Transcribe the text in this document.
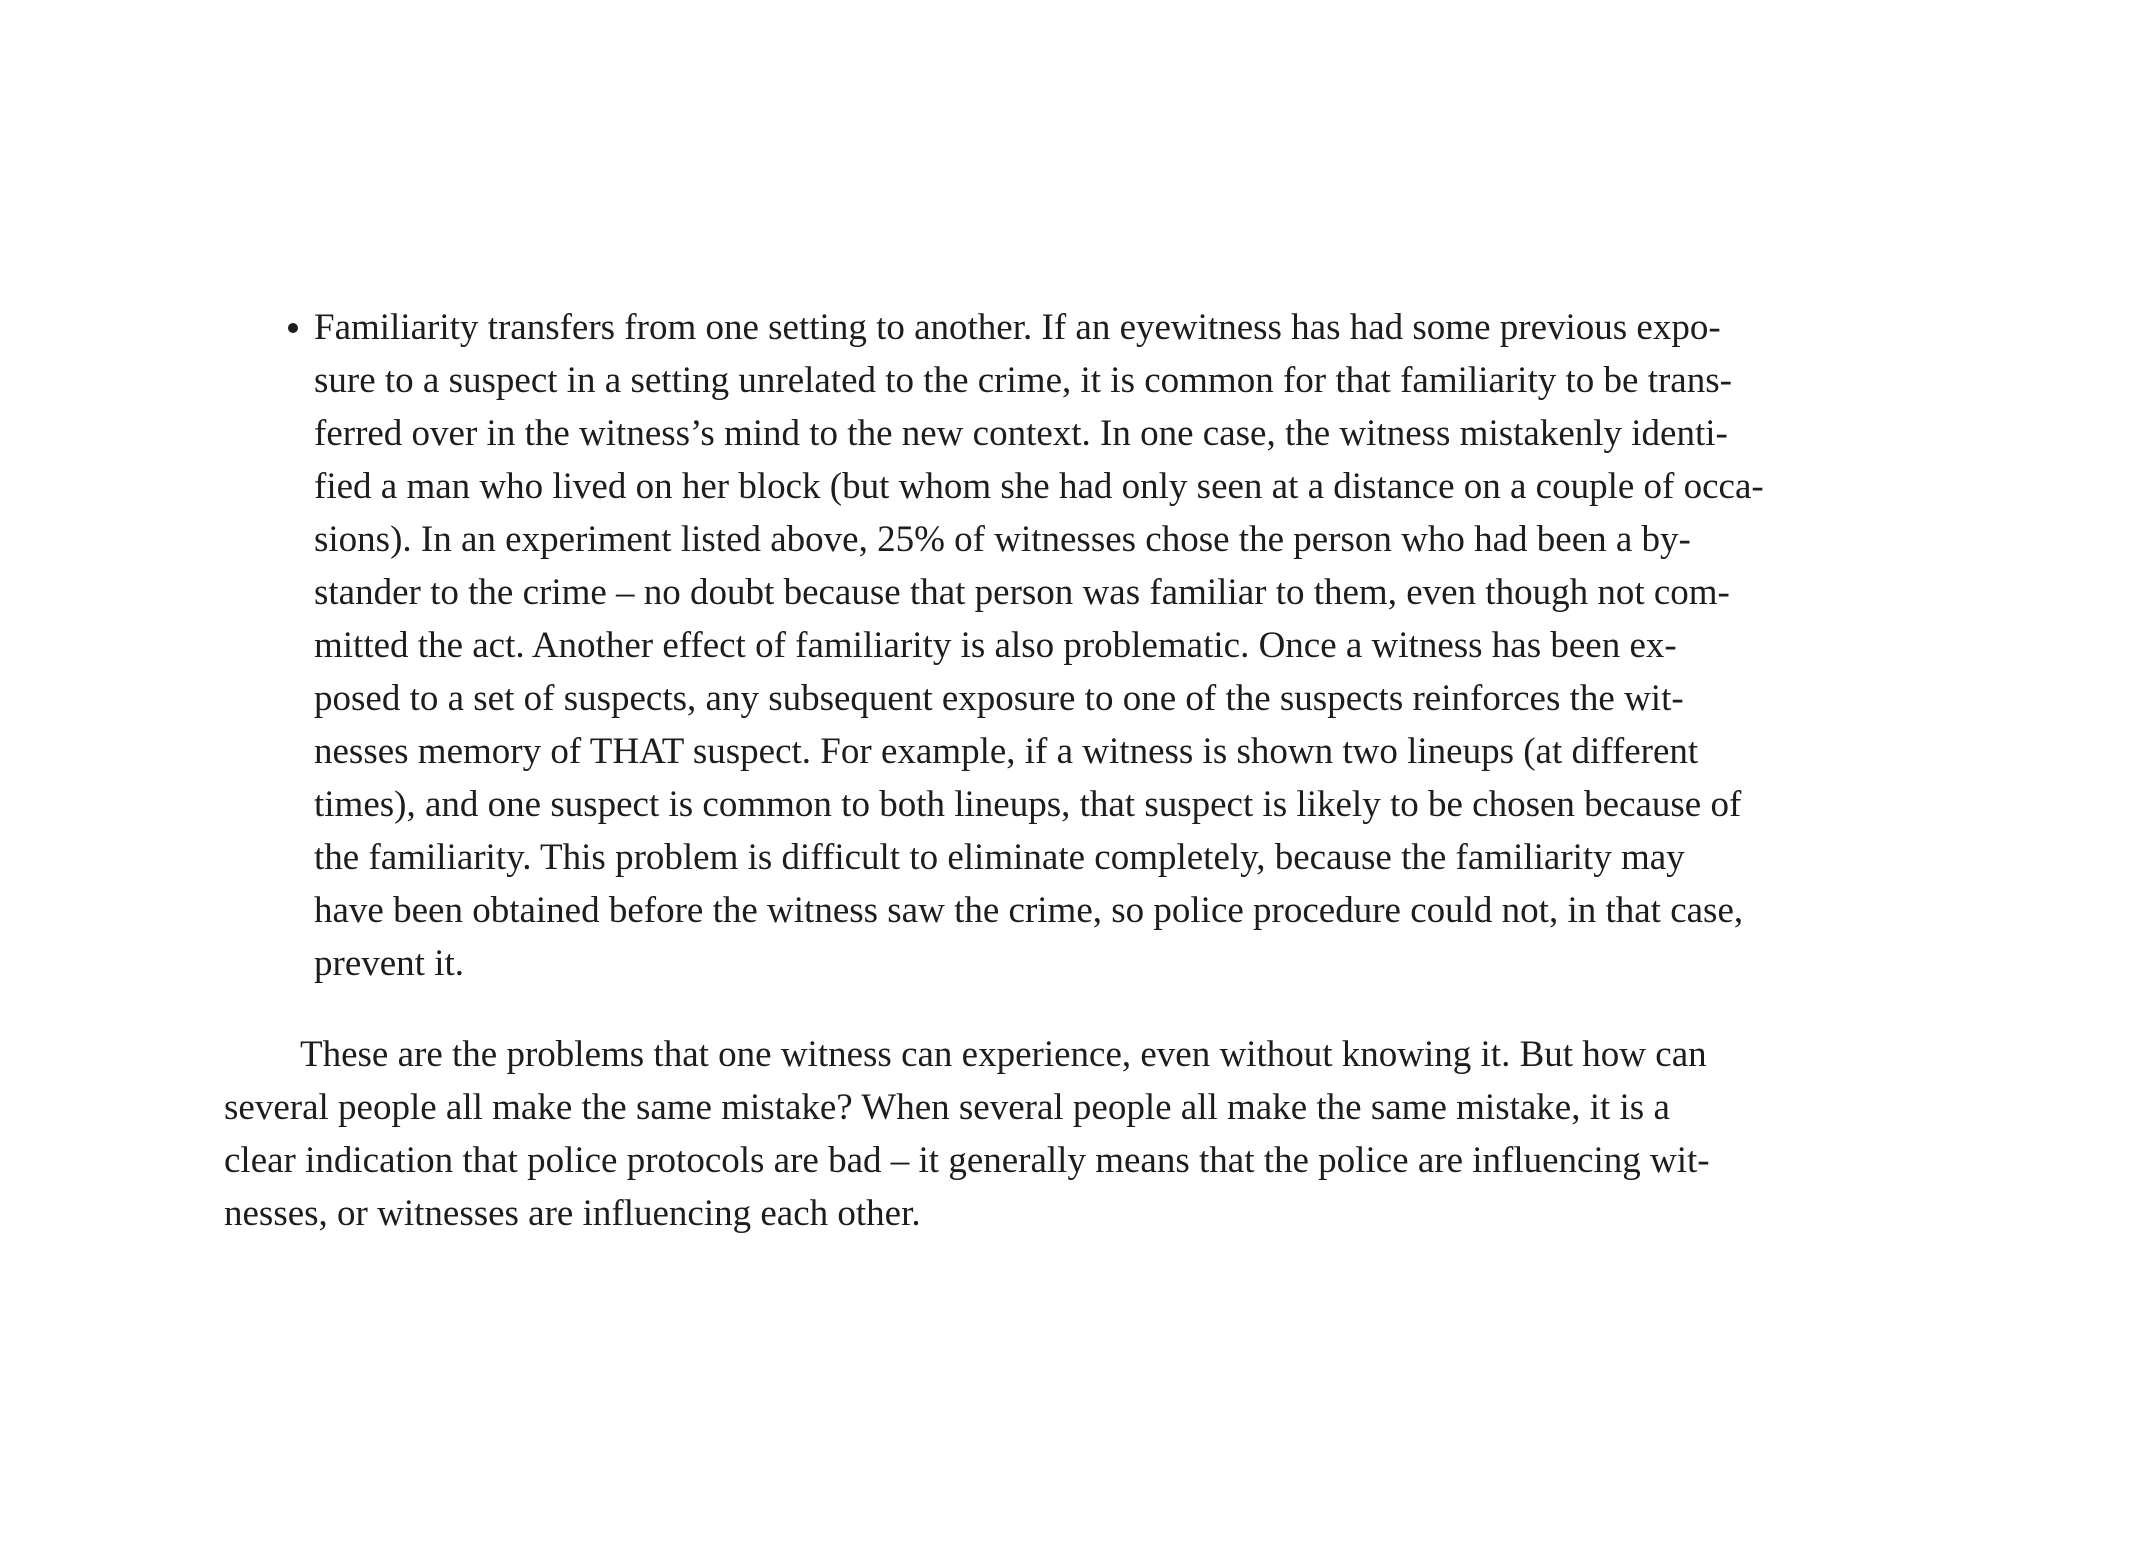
Familiarity transfers from one setting to another. If an eyewitness has had some previous expo-
sure to a suspect in a setting unrelated to the crime, it is common for that familiarity to be trans-
ferred over in the witness’s mind to the new context. In one case, the witness mistakenly identi-
fied a man who lived on her block (but whom she had only seen at a distance on a couple of occa-
sions). In an experiment listed above, 25% of witnesses chose the person who had been a by-
stander to the crime – no doubt because that person was familiar to them, even though not com-
mitted the act. Another effect of familiarity is also problematic. Once a witness has been ex-
posed to a set of suspects, any subsequent exposure to one of the suspects reinforces the wit-
nesses memory of THAT suspect. For example, if a witness is shown two lineups (at different
times), and one suspect is common to both lineups, that suspect is likely to be chosen because of
the familiarity. This problem is difficult to eliminate completely, because the familiarity may
have been obtained before the witness saw the crime, so police procedure could not, in that case,
prevent it.
These are the problems that one witness can experience, even without knowing it. But how can
several people all make the same mistake? When several people all make the same mistake, it is a
clear indication that police protocols are bad – it generally means that the police are influencing wit-
nesses, or witnesses are influencing each other.
